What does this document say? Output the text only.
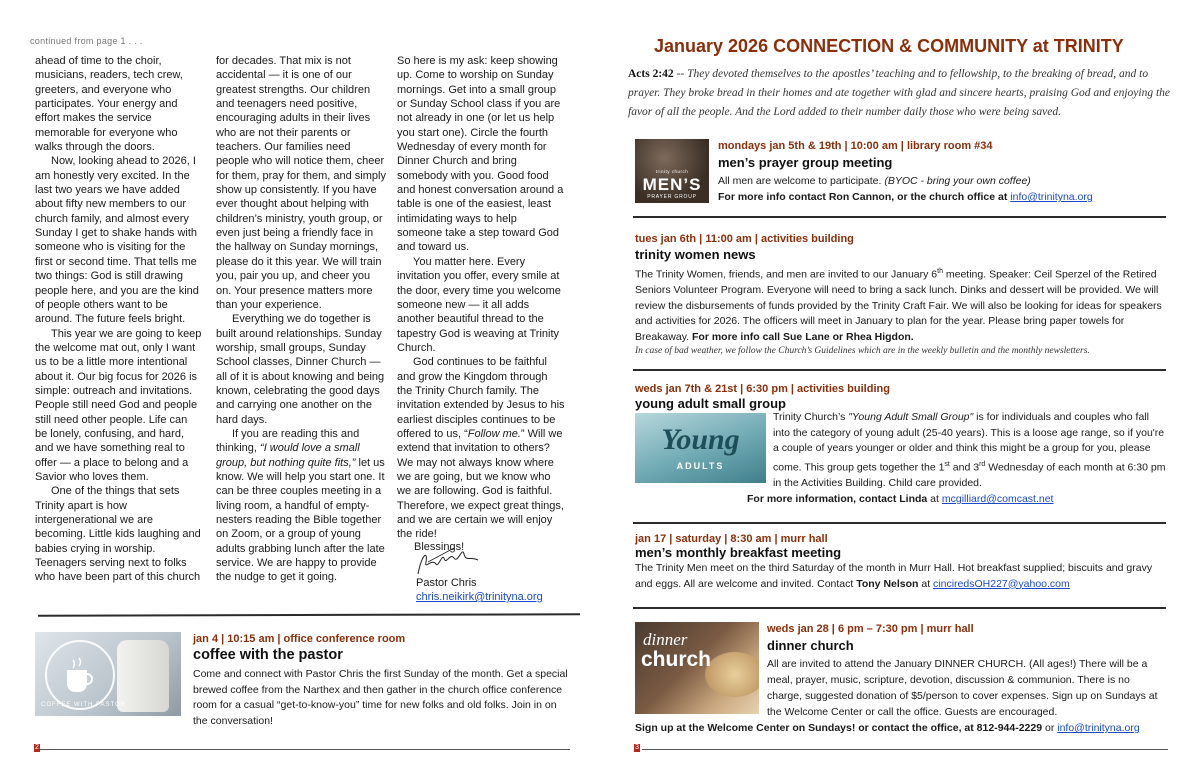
continued from page 1 . . .

ahead of time to the choir, musicians, readers, tech crew, greeters, and everyone who participates. Your energy and effort makes the service memorable for everyone who walks through the doors.

Now, looking ahead to 2026, I am honestly very excited. In the last two years we have added about fifty new members to our church family, and almost every Sunday I get to shake hands with someone who is visiting for the first or second time. That tells me two things: God is still drawing people here, and you are the kind of people others want to be around. The future feels bright.

This year we are going to keep the welcome mat out, only I want us to be a little more intentional about it. Our big focus for 2026 is simple: outreach and invitations. People still need God and people still need other people. Life can be lonely, confusing, and hard, and we have something real to offer — a place to belong and a Savior who loves them.

One of the things that sets Trinity apart is how intergenerational we are becoming. Little kids laughing and babies crying in worship. Teenagers serving next to folks who have been part of this church

for decades. That mix is not accidental — it is one of our greatest strengths. Our children and teenagers need positive, encouraging adults in their lives who are not their parents or teachers. Our families need people who will notice them, cheer for them, pray for them, and simply show up consistently. If you have ever thought about helping with children’s ministry, youth group, or even just being a friendly face in the hallway on Sunday mornings, please do it this year. We will train you, pair you up, and cheer you on. Your presence matters more than your experience.

Everything we do together is built around relationships. Sunday worship, small groups, Sunday School classes, Dinner Church — all of it is about knowing and being known, celebrating the good days and carrying one another on the hard days.

If you are reading this and thinking, “I would love a small group, but nothing quite fits,” let us know. We will help you start one. It can be three couples meeting in a living room, a handful of empty-nesters reading the Bible together on Zoom, or a group of young adults grabbing lunch after the late service. We are happy to provide the nudge to get it going.

So here is my ask: keep showing up. Come to worship on Sunday mornings. Get into a small group or Sunday School class if you are not already in one (or let us help you start one). Circle the fourth Wednesday of every month for Dinner Church and bring somebody with you. Good food and honest conversation around a table is one of the easiest, least intimidating ways to help someone take a step toward God and toward us.

You matter here. Every invitation you offer, every smile at the door, every time you welcome someone new — it all adds another beautiful thread to the tapestry God is weaving at Trinity Church.

God continues to be faithful and grow the Kingdom through the Trinity Church family. The invitation extended by Jesus to his earliest disciples continues to be offered to us, “Follow me.” Will we extend that invitation to others? We may not always know where we are going, but we know who we are following. God is faithful. Therefore, we expect great things, and we are certain we will enjoy the ride!

Blessings!
Pastor Chris
chris.neikirk@trinityna.org
COFFEE WITH PASTOR
jan 4 | 10:15 am | office conference room
coffee with the pastor
Come and connect with Pastor Chris the first Sunday of the month. Get a special brewed coffee from the Narthex and then gather in the church office conference room for a casual “get-to-know-you” time for new folks and old folks. Join in on the conversation!
2
January 2026 CONNECTION & COMMUNITY at TRINITY
Acts 2:42 -- They devoted themselves to the apostles’ teaching and to fellowship, to the breaking of bread, and to prayer. They broke bread in their homes and ate together with glad and sincere hearts, praising God and enjoying the favor of all the people. And the Lord added to their number daily those who were being saved.
trinity church
MEN’S
PRAYER GROUP
mondays jan 5th & 19th | 10:00 am | library room #34
men’s prayer group meeting
All men are welcome to participate. (BYOC - bring your own coffee)
For more info contact Ron Cannon, or the church office at info@trinityna.org
tues jan 6th | 11:00 am | activities building
trinity women news
The Trinity Women, friends, and men are invited to our January 6th meeting. Speaker: Ceil Sperzel of the Retired Seniors Volunteer Program. Everyone will need to bring a sack lunch. Dinks and dessert will be provided. We will review the disbursements of funds provided by the Trinity Craft Fair. We will also be looking for ideas for speakers and activities for 2026. The officers will meet in January to plan for the year. Please bring paper towels for Breakaway. For more info call Sue Lane or Rhea Higdon.
In case of bad weather, we follow the Church’s Guidelines which are in the weekly bulletin and the monthly newsletters.
weds jan 7th & 21st | 6:30 pm | activities building
young adult small group
Young
ADULTS
Trinity Church’s "Young Adult Small Group" is for individuals and couples who fall into the category of young adult (25-40 years). This is a loose age range, so if you're a couple of years younger or older and think this might be a group for you, please come. This group gets together the 1st and 3rd Wednesday of each month at 6:30 pm in the Activities Building. Child care provided.
For more information, contact Linda at mcgilliard@comcast.net
jan 17 | saturday | 8:30 am | murr hall
men’s monthly breakfast meeting
The Trinity Men meet on the third Saturday of the month in Murr Hall. Hot breakfast supplied; biscuits and gravy and eggs. All are welcome and invited. Contact Tony Nelson at cinciredsOH227@yahoo.com
dinner
church
weds jan 28 | 6 pm – 7:30 pm | murr hall
dinner church
All are invited to attend the January DINNER CHURCH. (All ages!) There will be a meal, prayer, music, scripture, devotion, discussion & communion. There is no charge, suggested donation of $5/person to cover expenses. Sign up on Sundays at the Welcome Center or call the office. Guests are encouraged.
Sign up at the Welcome Center on Sundays! or contact the office, at 812-944-2229 or info@trinityna.org
3
